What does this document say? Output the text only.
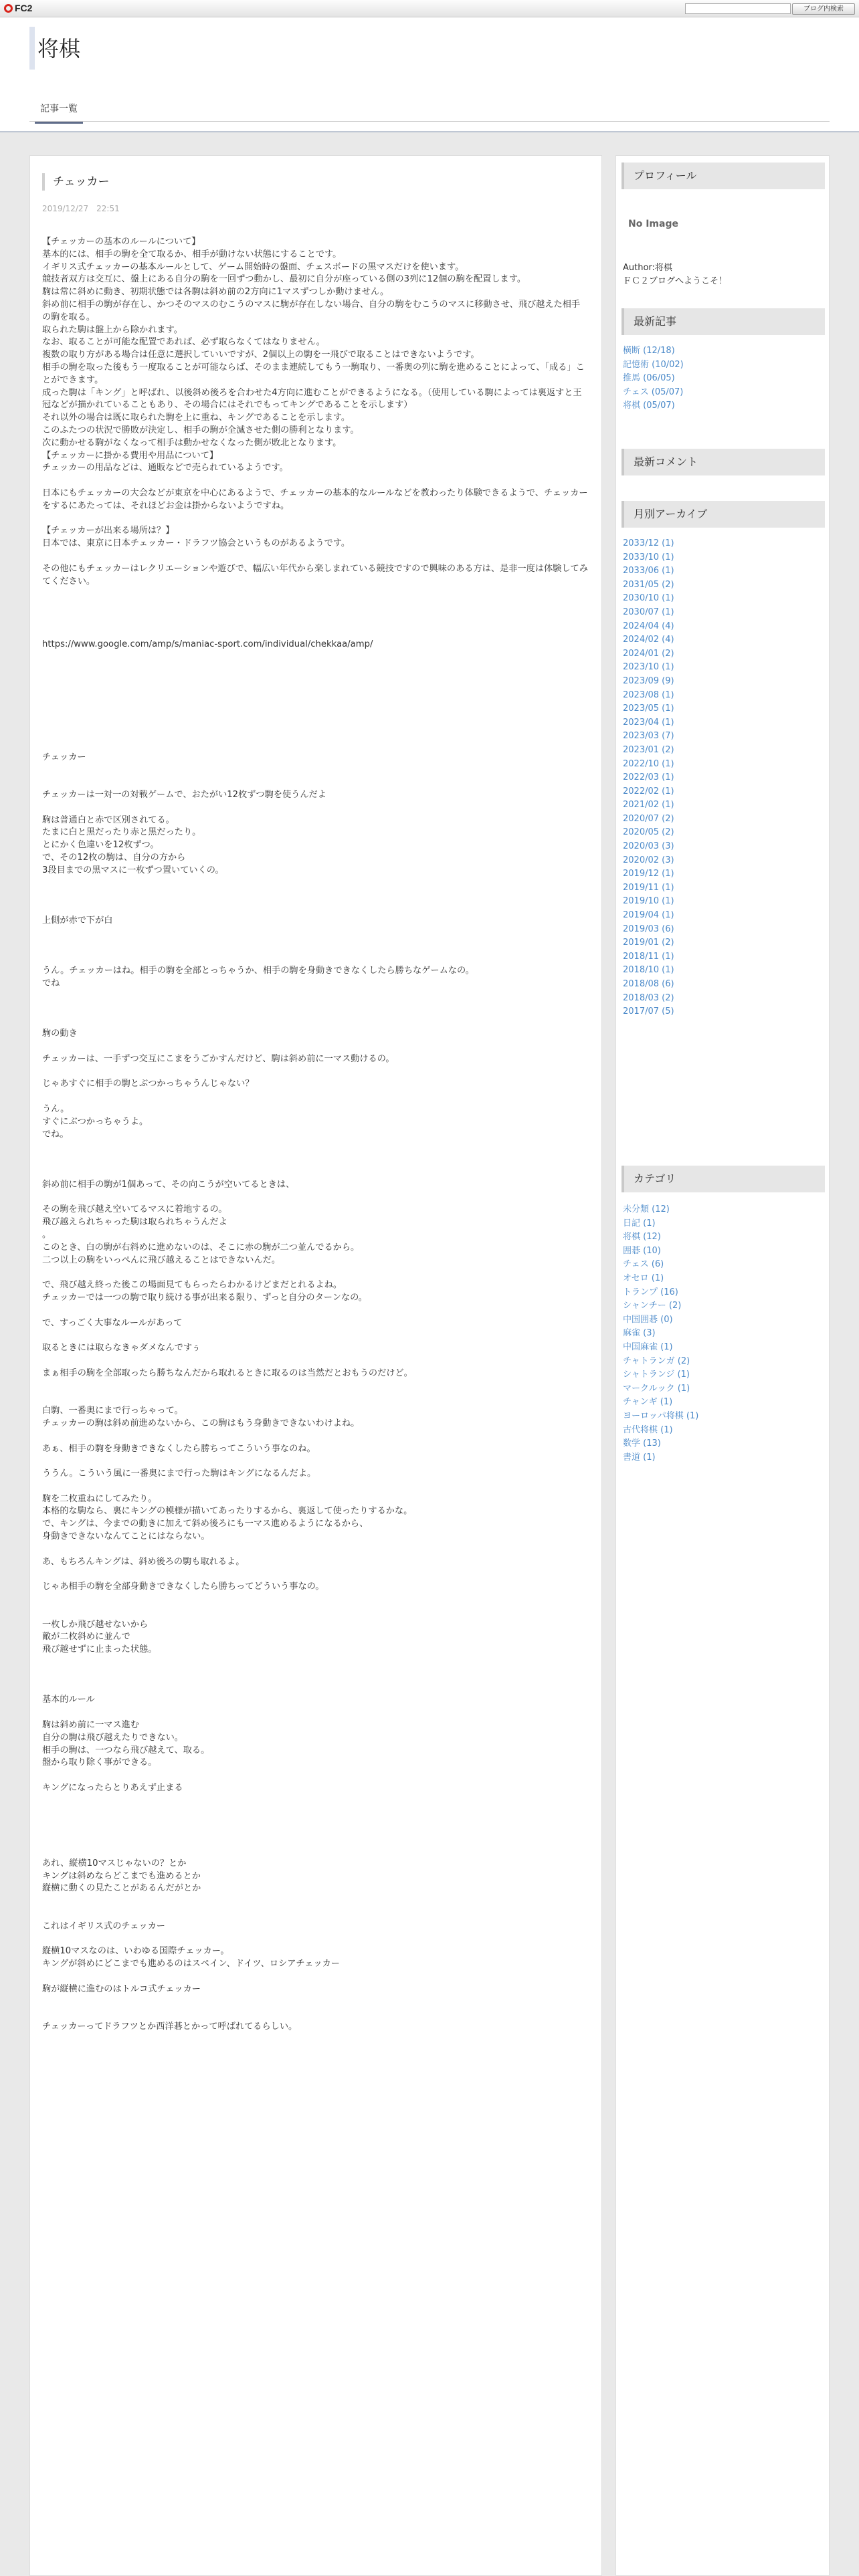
FC2	ブログ内検索
将棋
記事一覧
チェッカー
2019/12/27　22:51
【チェッカーの基本のルールについて】
基本的には、相手の駒を全て取るか、相手が動けない状態にすることです。
イギリス式チェッカーの基本ルールとして、ゲーム開始時の盤面、チェスボードの黒マスだけを使います。
競技者双方は交互に、盤上にある自分の駒を一回ずつ動かし、最初に自分が座っている側の3列に12個の駒を配置します。
駒は常に斜めに動き、初期状態では各駒は斜め前の2方向に1マスずつしか動けません。
斜め前に相手の駒が存在し、かつそのマスのむこうのマスに駒が存在しない場合、自分の駒をむこうのマスに移動させ、飛び越えた相手の駒を取る。
取られた駒は盤上から除かれます。
なお、取ることが可能な配置であれば、必ず取らなくてはなりません。
複数の取り方がある場合は任意に選択していいですが、2個以上の駒を一飛びで取ることはできないようです。
相手の駒を取った後もう一度取ることが可能ならば、そのまま連続してもう一駒取り、一番奥の列に駒を進めることによって、「成る」ことができます。
成った駒は「キング」と呼ばれ、以後斜め後ろを合わせた4方向に進むことができるようになる。（使用している駒によっては裏返すと王冠などが描かれていることもあり、その場合にはそれでもってキングであることを示します）
それ以外の場合は既に取られた駒を上に重ね、キングであることを示します。
このふたつの状況で勝敗が決定し、相手の駒が全滅させた側の勝利となります。
次に動かせる駒がなくなって相手は動かせなくなった側が敗北となります。
【チェッカーに掛かる費用や用品について】
チェッカーの用品などは、通販などで売られているようです。

日本にもチェッカーの大会などが東京を中心にあるようで、チェッカーの基本的なルールなどを教わったり体験できるようで、チェッカーをするにあたっては、それほどお金は掛からないようですね。

【チェッカーが出来る場所は？】
日本では、東京に日本チェッカー・ドラフツ協会というものがあるようです。

その他にもチェッカーはレクリエーションや遊びで、幅広い年代から楽しまれている競技ですので興味のある方は、是非一度は体験してみてください。

https://www.google.com/amp/s/maniac-sport.com/individual/chekkaa/amp/

チェッカー

チェッカーは一対一の対戦ゲームで、おたがい12枚ずつ駒を使うんだよ

駒は普通白と赤で区別されてる。
たまに白と黒だったり赤と黒だったり。
とにかく色違いを12枚ずつ。
で、その12枚の駒は、自分の方から
3段目までの黒マスに一枚ずつ置いていくの。

上側が赤で下が白

うん。チェッカーはね。相手の駒を全部とっちゃうか、相手の駒を身動きできなくしたら勝ちなゲームなの。
でね

駒の動き

チェッカーは、一手ずつ交互にこまをうごかすんだけど、駒は斜め前に一マス動けるの。

じゃあすぐに相手の駒とぶつかっちゃうんじゃない？

うん。
すぐにぶつかっちゃうよ。
でね。

斜め前に相手の駒が1個あって、その向こうが空いてるときは、

その駒を飛び越え空いてるマスに着地するの。
飛び越えられちゃった駒は取られちゃうんだよ
。
このとき、白の駒が右斜めに進めないのは、そこに赤の駒が二つ並んでるから。
二つ以上の駒をいっぺんに飛び越えることはできないんだ。

で、飛び越え終った後この場面見てもらったらわかるけどまだとれるよね。
チェッカーでは一つの駒で取り続ける事が出来る限り、ずっと自分のターンなの。

で、すっごく大事なルールがあって

取るときには取らなきゃダメなんですぅ

まぁ相手の駒を全部取ったら勝ちなんだから取れるときに取るのは当然だとおもうのだけど。

白駒、一番奥にまで行っちゃって。
チェッカーの駒は斜め前進めないから、この駒はもう身動きできないわけよね。

あぁ、相手の駒を身動きできなくしたら勝ちってこういう事なのね。

ううん。こういう風に一番奥にまで行った駒はキングになるんだよ。

駒を二枚重ねにしてみたり。
本格的な駒なら、裏にキングの模様が描いてあったりするから、裏返して使ったりするかな。
で、キングは、今までの動きに加えて斜め後ろにも一マス進めるようになるから、
身動きできないなんてことにはならない。

あ、もちろんキングは、斜め後ろの駒も取れるよ。

じゃあ相手の駒を全部身動きできなくしたら勝ちってどういう事なの。

一枚しか飛び越せないから
敵が二枚斜めに並んで
飛び越せずに止まった状態。

基本的ルール

駒は斜め前に一マス進む
自分の駒は飛び越えたりできない。
相手の駒は、一つなら飛び越えて、取る。
盤から取り除く事ができる。

キングになったらとりあえず止まる

あれ、縦横10マスじゃないの？とか
キングは斜めならどこまでも進めるとか
縦横に動くの見たことがあるんだがとか

これはイギリス式のチェッカー

縦横10マスなのは、いわゆる国際チェッカー。
キングが斜めにどこまでも進めるのはスペイン、ドイツ、ロシアチェッカー

駒が縦横に進むのはトルコ式チェッカー

チェッカーってドラフツとか西洋碁とかって呼ばれてるらしい。
プロフィール
No Image
Author:将棋
ＦＣ２ブログへようこそ！
最新記事
横断 (12/18)
記憶術 (10/02)
推馬 (06/05)
チェス (05/07)
将棋 (05/07)
最新コメント
月別アーカイブ
2033/12 (1)
2033/10 (1)
2033/06 (1)
2031/05 (2)
2030/10 (1)
2030/07 (1)
2024/04 (4)
2024/02 (4)
2024/01 (2)
2023/10 (1)
2023/09 (9)
2023/08 (1)
2023/05 (1)
2023/04 (1)
2023/03 (7)
2023/01 (2)
2022/10 (1)
2022/03 (1)
2022/02 (1)
2021/02 (1)
2020/07 (2)
2020/05 (2)
2020/03 (3)
2020/02 (3)
2019/12 (1)
2019/11 (1)
2019/10 (1)
2019/04 (1)
2019/03 (6)
2019/01 (2)
2018/11 (1)
2018/10 (1)
2018/08 (6)
2018/03 (2)
2017/07 (5)
カテゴリ
未分類 (12)
日記 (1)
将棋 (12)
囲碁 (10)
チェス (6)
オセロ (1)
トランプ (16)
シャンチー (2)
中国囲碁 (0)
麻雀 (3)
中国麻雀 (1)
チャトランガ (2)
シャトランジ (1)
マークルック (1)
チャンギ (1)
ヨーロッパ将棋 (1)
古代将棋 (1)
数学 (13)
書道 (1)
